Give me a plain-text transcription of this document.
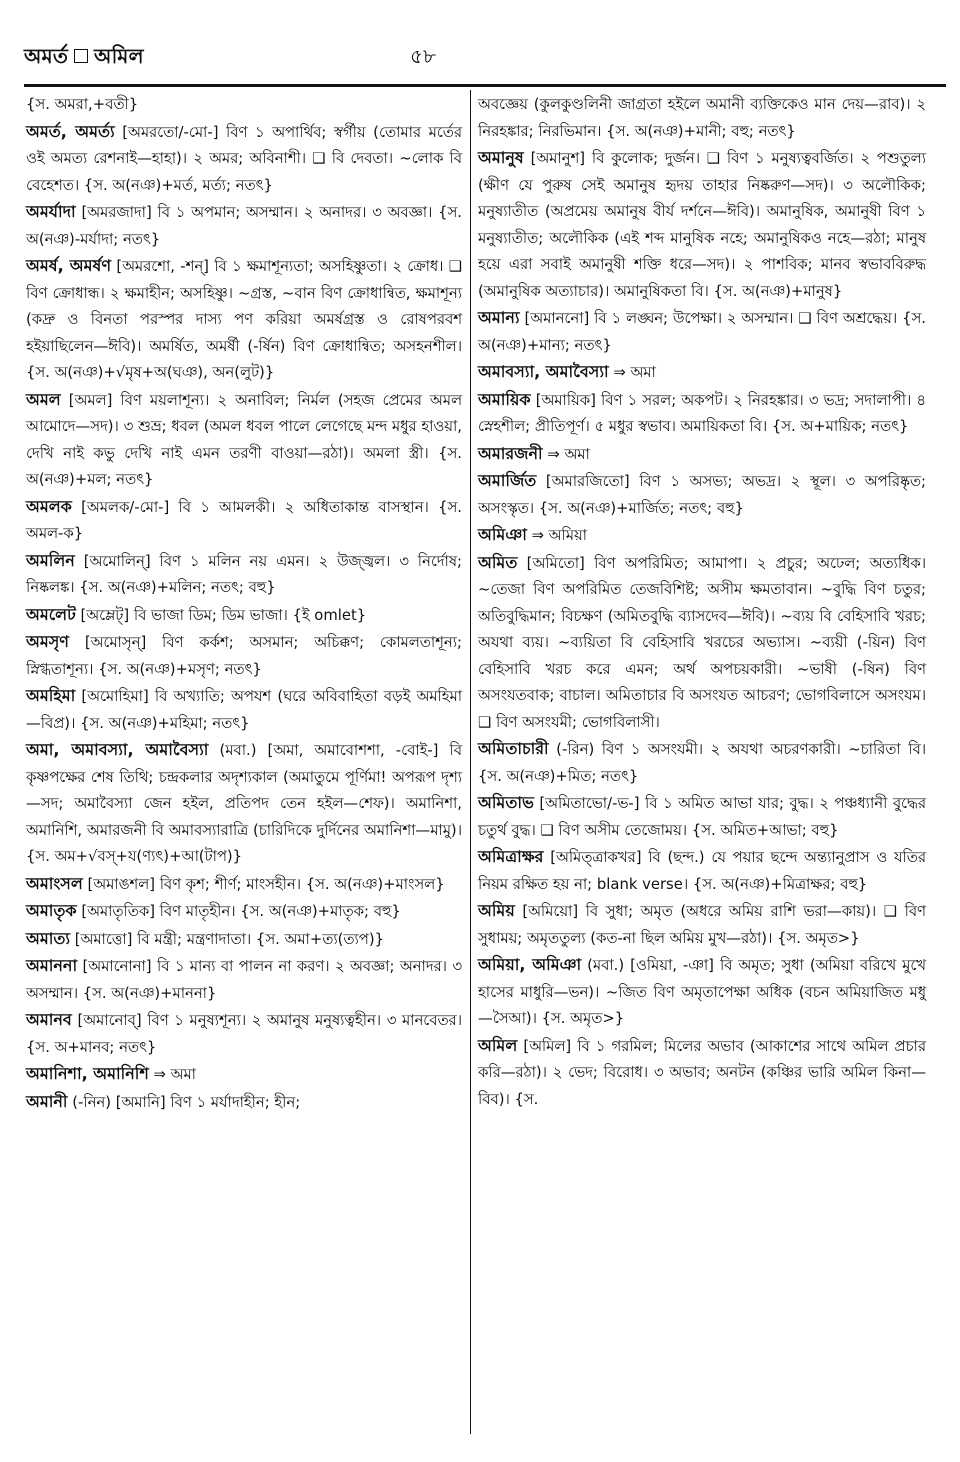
অমর্ত অমিল	৫৮

{স. অমরা,+বতী}

অমর্ত, অমর্ত্য [অমরতো/-মো-] বিণ ১ অপার্থিব; স্বর্গীয় (তোমার মর্তের ওই অমত্য রেশনাই—হাহা)। ২ অমর; অবিনাশী। ❑ বি দেবতা। ~লোক বি বেহেশত। {স. অ(নঞ)+মর্ত, মর্ত্য; নতৎ}

অমর্যাদা [অমরজাদা] বি ১ অপমান; অসম্মান। ২ অনাদর। ৩ অবজ্ঞা। {স. অ(নঞ)-মর্যাদা; নতৎ}

অমর্ষ, অমর্ষণ [অমরশো, -শন্] বি ১ ক্ষমাশূন্যতা; অসহিষ্ণুতা। ২ ক্রোধ। ❑ বিণ ক্রোধান্ধ। ২ ক্ষমাহীন; অসহিষ্ণু। ~গ্রস্ত, ~বান বিণ ক্রোধান্বিত, ক্ষমাশূন্য (কদ্রু ও বিনতা পরস্পর দাস্য পণ করিয়া অমর্ষগ্রস্ত ও রোষপরবশ হইয়াছিলেন—ঈবি)। অমর্ষিত, অমর্ষী (-র্ষিন) বিণ ক্রোধান্বিত; অসহনশীল। {স. অ(নঞ)+√মৃষ+অ(ঘঞ), অন(লুট)}

অমল [অমল] বিণ ময়লাশূন্য। ২ অনাবিল; নির্মল (সহজ প্রেমের অমল আমোদে—সদ)। ৩ শুভ্র; ধবল (অমল ধবল পালে লেগেছে মন্দ মধুর হাওয়া, দেখি নাই কভু দেখি নাই এমন তরণী বাওয়া—রঠা)। অমলা স্ত্রী। {স. অ(নঞ)+মল; নতৎ}

অমলক [অমলক/-মো-] বি ১ আমলকী। ২ অধিতাকান্ত বাসস্থান। {স. অমল-ক}

অমলিন [অমোলিন্] বিণ ১ মলিন নয় এমন। ২ উজ্জ্বল। ৩ নির্দোষ; নিষ্কলঙ্ক। {স. অ(নঞ)+মলিন; নতৎ; বহু}

অমলেট [অম্লেট্] বি ভাজা ডিম; ডিম ভাজা। {ই omlet}

অমসৃণ [অমোসৃন্] বিণ কর্কশ; অসমান; অচিক্কণ; কোমলতাশূন্য; স্নিগ্ধতাশূন্য। {স. অ(নঞ)+মসৃণ; নতৎ}

অমহিমা [অমোহিমা] বি অখ্যাতি; অপযশ (ঘরে অবিবাহিতা বড়ই অমহিমা—বিপ্র)। {স. অ(নঞ)+মহিমা; নতৎ}

অমা, অমাবস্যা, অমাবৈস্যা (মবা.) [অমা, অমাবোশশা, -বোই-] বি কৃষ্ণপক্ষের শেষ তিথি; চন্দ্রকলার অদৃশ্যকাল (অমাতুমে পূর্ণিমা! অপরূপ দৃশ্য—সদ; অমাবৈস্যা জেন হইল, প্রতিপদ তেন হইল—শেফ)। অমানিশা, অমানিশি, অমারজনী বি অমাবস্যারাত্রি (চারিদিকে দুর্দিনের অমানিশা—মামু)। {স. অম+√বস্+য(ণ্যৎ)+আ(টাপ)}

অমাংসল [অমাঙশল] বিণ কৃশ; শীর্ণ; মাংসহীন। {স. অ(নঞ)+মাংসল}

অমাতৃক [অমাতৃতিক] বিণ মাতৃহীন। {স. অ(নঞ)+মাতৃক; বহু}

অমাত্য [অমাত্তো] বি মন্ত্রী; মন্ত্রণাদাতা। {স. অমা+ত্য(ত্যপ)}

অমাননা [অমানোনা] বি ১ মান্য বা পালন না করণ। ২ অবজ্ঞা; অনাদর। ৩ অসম্মান। {স. অ(নঞ)+মাননা}

অমানব [অমানোব্] বিণ ১ মনুষ্যশূন্য। ২ অমানুষ মনুষ্যত্বহীন। ৩ মানবেতর। {স. অ+মানব; নতৎ}

অমানিশা, অমানিশি ⇒ অমা

অমানী (-নিন) [অমানি] বিণ ১ মর্যাদাহীন; হীন;

অবজ্ঞেয় (কুলকুণ্ডলিনী জাগ্রতা হইলে অমানী ব্যক্তিকেও মান দেয়—রাব)। ২ নিরহঙ্কার; নিরভিমান। {স. অ(নঞ)+মানী; বহু; নতৎ}

অমানুষ [অমানুশ] বি কুলোক; দুর্জন। ❑ বিণ ১ মনুষ্যত্ববর্জিত। ২ পশুতুল্য (ক্ষীণ যে পুরুষ সেই অমানুষ হৃদয় তাহার নিষ্করুণ—সদ)। ৩ অলৌকিক; মনুষ্যাতীত (অপ্রমেয় অমানুষ বীর্য দর্শনে—ঈবি)। অমানুষিক, অমানুষী বিণ ১ মনুষ্যাতীত; অলৌকিক (এই শব্দ মানুষিক নহে; অমানুষিকও নহে—রঠা; মানুষ হয়ে এরা সবাই অমানুষী শক্তি ধরে—সদ)। ২ পাশবিক; মানব স্বভাববিরুদ্ধ (অমানুষিক অত্যাচার)। অমানুষিকতা বি। {স. অ(নঞ)+মানুষ}

অমান্য [অমাননো] বি ১ লঙ্ঘন; উপেক্ষা। ২ অসম্মান। ❑ বিণ অশ্রদ্ধেয়। {স. অ(নঞ)+মান্য; নতৎ}

অমাবস্যা, অমাবৈস্যা ⇒ অমা

অমায়িক [অমায়িক] বিণ ১ সরল; অকপট। ২ নিরহঙ্কার। ৩ ভদ্র; সদালাপী। ৪ স্নেহশীল; প্রীতিপূর্ণ। ৫ মধুর স্বভাব। অমায়িকতা বি। {স. অ+মায়িক; নতৎ}

অমারজনী ⇒ অমা

অমার্জিত [অমারজিতো] বিণ ১ অসভ্য; অভদ্র। ২ স্থূল। ৩ অপরিষ্কৃত; অসংস্কৃত। {স. অ(নঞ)+মার্জিত; নতৎ; বহু}

অমিঞা ⇒ অমিয়া

অমিত [অমিতো] বিণ অপরিমিত; আমাপা। ২ প্রচুর; অঢেল; অত্যধিক। ~তেজা বিণ অপরিমিত তেজবিশিষ্ট; অসীম ক্ষমতাবান। ~বুদ্ধি বিণ চতুর; অতিবুদ্ধিমান; বিচক্ষণ (অমিতবুদ্ধি ব্যাসদেব—ঈবি)। ~ব্যয় বি বেহিসাবি খরচ; অযথা ব্যয়। ~ব্যয়িতা বি বেহিসাবি খরচের অভ্যাস। ~ব্যয়ী (-য়িন) বিণ বেহিসাবি খরচ করে এমন; অর্থ অপচয়কারী। ~ভাষী (-ষিন) বিণ অসংযতবাক; বাচাল। অমিতাচার বি অসংযত আচরণ; ভোগবিলাসে অসংযম। ❑ বিণ অসংযমী; ভোগবিলাসী।

অমিতাচারী (-রিন) বিণ ১ অসংযমী। ২ অযথা অচরণকারী। ~চারিতা বি। {স. অ(নঞ)+মিত; নতৎ}

অমিতাভ [অমিতাভো/-ভ-] বি ১ অমিত আভা যার; বুদ্ধ। ২ পঞ্চধ্যানী বুদ্ধের চতুর্থ বুদ্ধ। ❑ বিণ অসীম তেজোময়। {স. অমিত+আভা; বহু}

অমিত্রাক্ষর [অমিত্‌ত্রাকখর] বি (ছন্দ.) যে পয়ার ছন্দে অন্ত্যানুপ্রাস ও যতির নিয়ম রক্ষিত হয় না; blank verse। {স. অ(নঞ)+মিত্রাক্ষর; বহু}

অমিয় [অমিয়ো] বি সুধা; অমৃত (অধরে অমিয় রাশি ভরা—কায়)। ❑ বিণ সুধাময়; অমৃততুল্য (কত-না ছিল অমিয় মুখ—রঠা)। {স. অমৃত>}

অমিয়া, অমিঞা (মবা.) [ওমিয়া, -ঞা] বি অমৃত; সুধা (অমিয়া বরিখে মুখে হাসের মাধুরি—ভন)। ~জিত বিণ অমৃতাপেক্ষা অধিক (বচন অমিয়াজিত মধু—সৈআ)। {স. অমৃত>}

অমিল [অমিল] বি ১ গরমিল; মিলের অভাব (আকাশের সাথে অমিল প্রচার করি—রঠা)। ২ ভেদ; বিরোধ। ৩ অভাব; অনটন (কঞ্চির ভারি অমিল কিনা—বিব)। {স.
